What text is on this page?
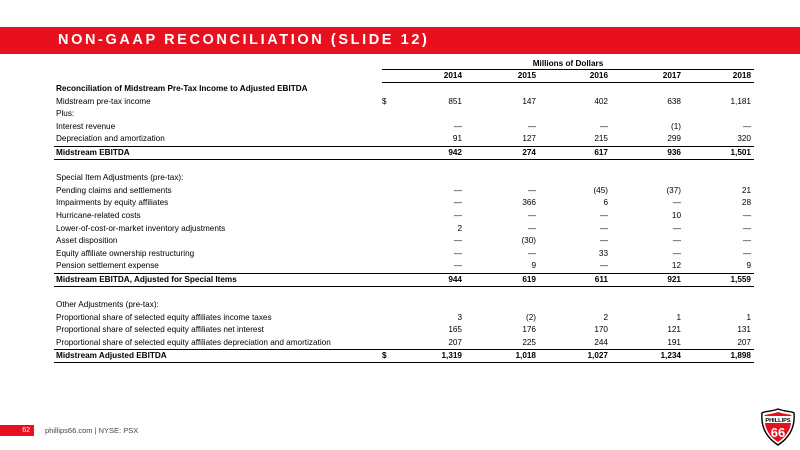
NON-GAAP RECONCILIATION (SLIDE 12)
Millions of Dollars
2014	2015	2016	2017	2018
Reconciliation of Midstream Pre-Tax Income to Adjusted EBITDA
Midstream pre-tax income	$	851	147	402	638	1,181
Plus:
Interest revenue	—	—	—	(1)	—
Depreciation and amortization	91	127	215	299	320
Midstream EBITDA	942	274	617	936	1,501
Special Item Adjustments (pre-tax):
Pending claims and settlements	—	—	(45)	(37)	21
Impairments by equity affiliates	—	366	6	—	28
Hurricane-related costs	—	—	—	10	—
Lower-of-cost-or-market inventory adjustments	2	—	—	—	—
Asset disposition	—	(30)	—	—	—
Equity affiliate ownership restructuring	—	—	33	—	—
Pension settlement expense	—	9	—	12	9
Midstream EBITDA, Adjusted for Special Items	944	619	611	921	1,559
Other Adjustments (pre-tax):
Proportional share of selected equity affiliates income taxes	3	(2)	2	1	1
Proportional share of selected equity affiliates net interest	165	176	170	121	131
Proportional share of selected equity affiliates depreciation and amortization	207	225	244	191	207
Midstream Adjusted EBITDA	$	1,319	1,018	1,027	1,234	1,898
62	phillips66.com | NYSE: PSX
PHILLIPS
66
